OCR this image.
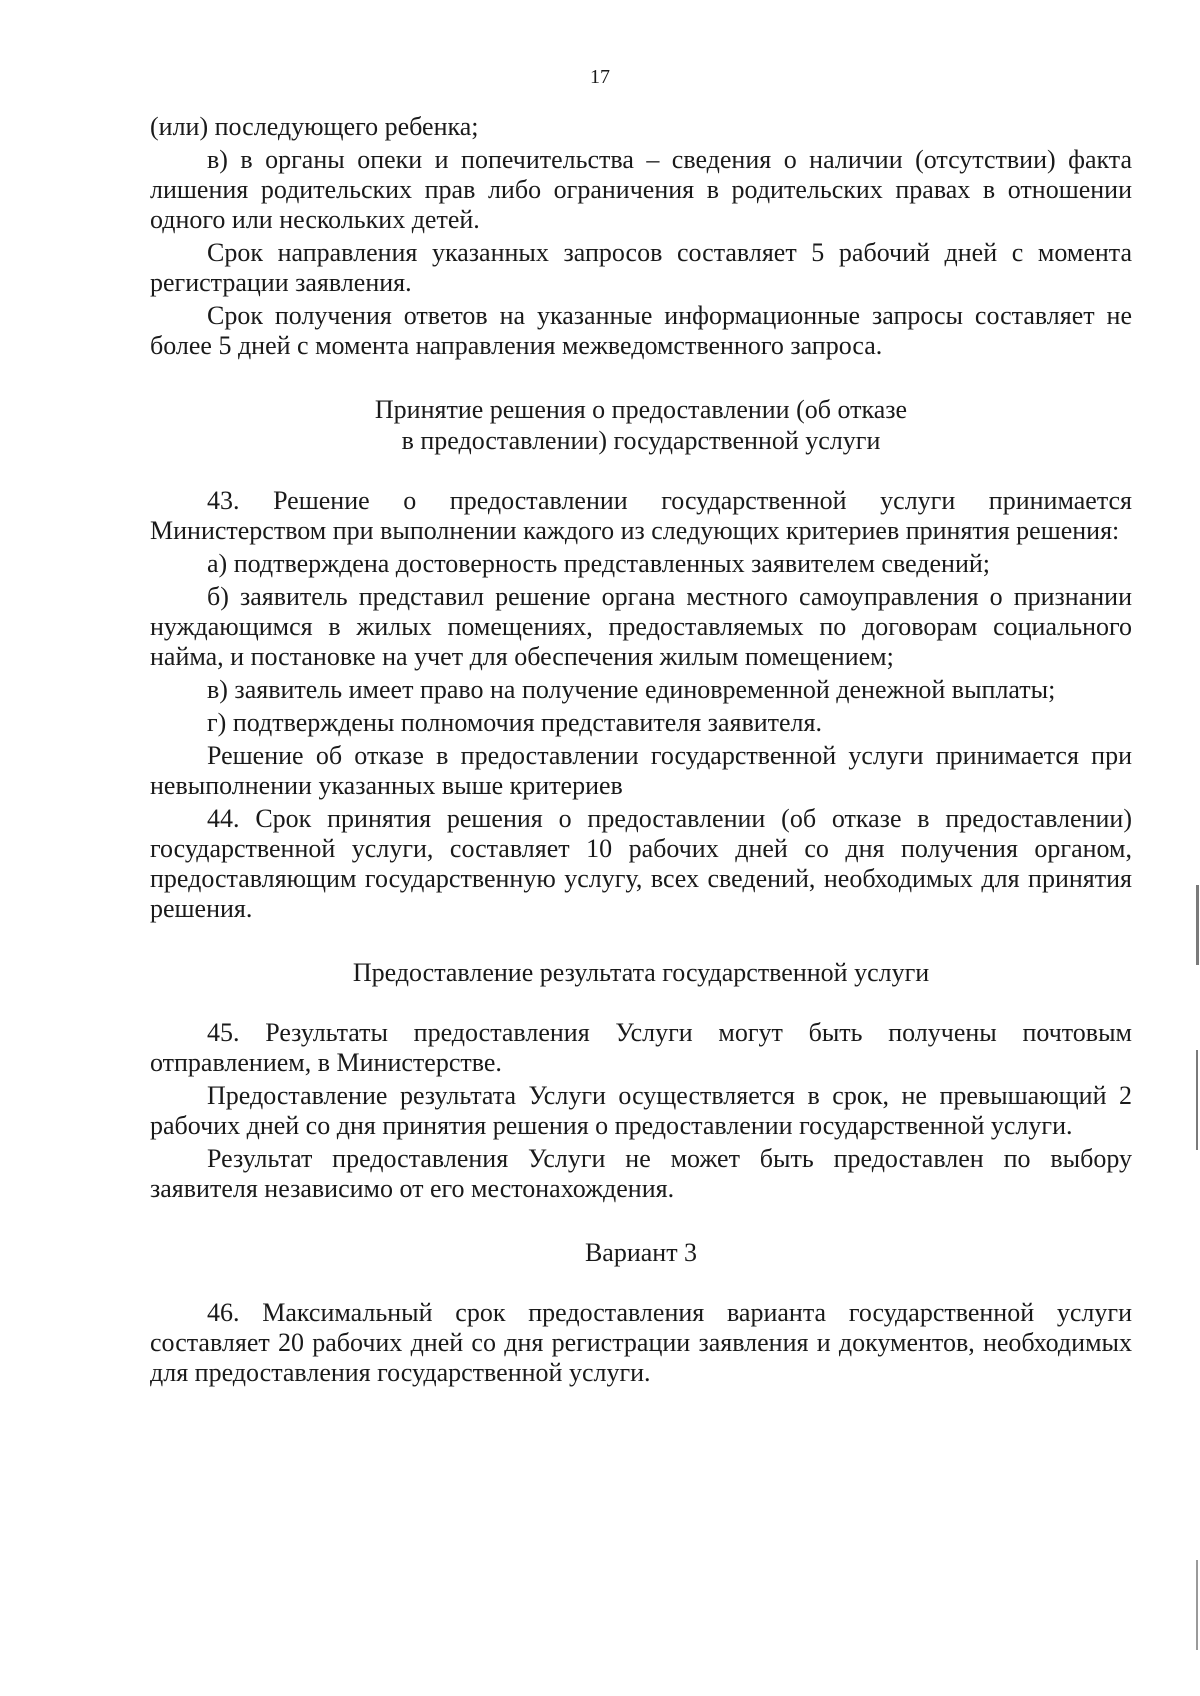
17

(или) последующего ребенка;

в) в органы опеки и попечительства – сведения о наличии (отсутствии) факта лишения родительских прав либо ограничения в родительских правах в отношении одного или нескольких детей.

Срок направления указанных запросов составляет 5 рабочий дней с момента регистрации заявления.

Срок получения ответов на указанные информационные запросы составляет не более 5 дней с момента направления межведомственного запроса.

Принятие решения о предоставлении (об отказе

в предоставлении) государственной услуги

43. Решение о предоставлении государственной услуги принимается Министерством при выполнении каждого из следующих критериев принятия решения:

а) подтверждена достоверность представленных заявителем сведений;

б) заявитель представил решение органа местного самоуправления о признании нуждающимся в жилых помещениях, предоставляемых по договорам социального найма, и постановке на учет для обеспечения жилым помещением;

в) заявитель имеет право на получение единовременной денежной выплаты;

г) подтверждены полномочия представителя заявителя.

Решение об отказе в предоставлении государственной услуги принимается при невыполнении указанных выше критериев

44. Срок принятия решения о предоставлении (об отказе в предоставлении) государственной услуги, составляет 10 рабочих дней со дня получения органом, предоставляющим государственную услугу, всех сведений, необходимых для принятия решения.

Предоставление результата государственной услуги

45. Результаты предоставления Услуги могут быть получены почтовым отправлением, в Министерстве.

Предоставление результата Услуги осуществляется в срок, не превышающий 2 рабочих дней со дня принятия решения о предоставлении государственной услуги.

Результат предоставления Услуги не может быть предоставлен по выбору заявителя независимо от его местонахождения.

Вариант 3

46. Максимальный срок предоставления варианта государственной услуги составляет 20 рабочих дней со дня регистрации заявления и документов, необходимых для предоставления государственной услуги.
